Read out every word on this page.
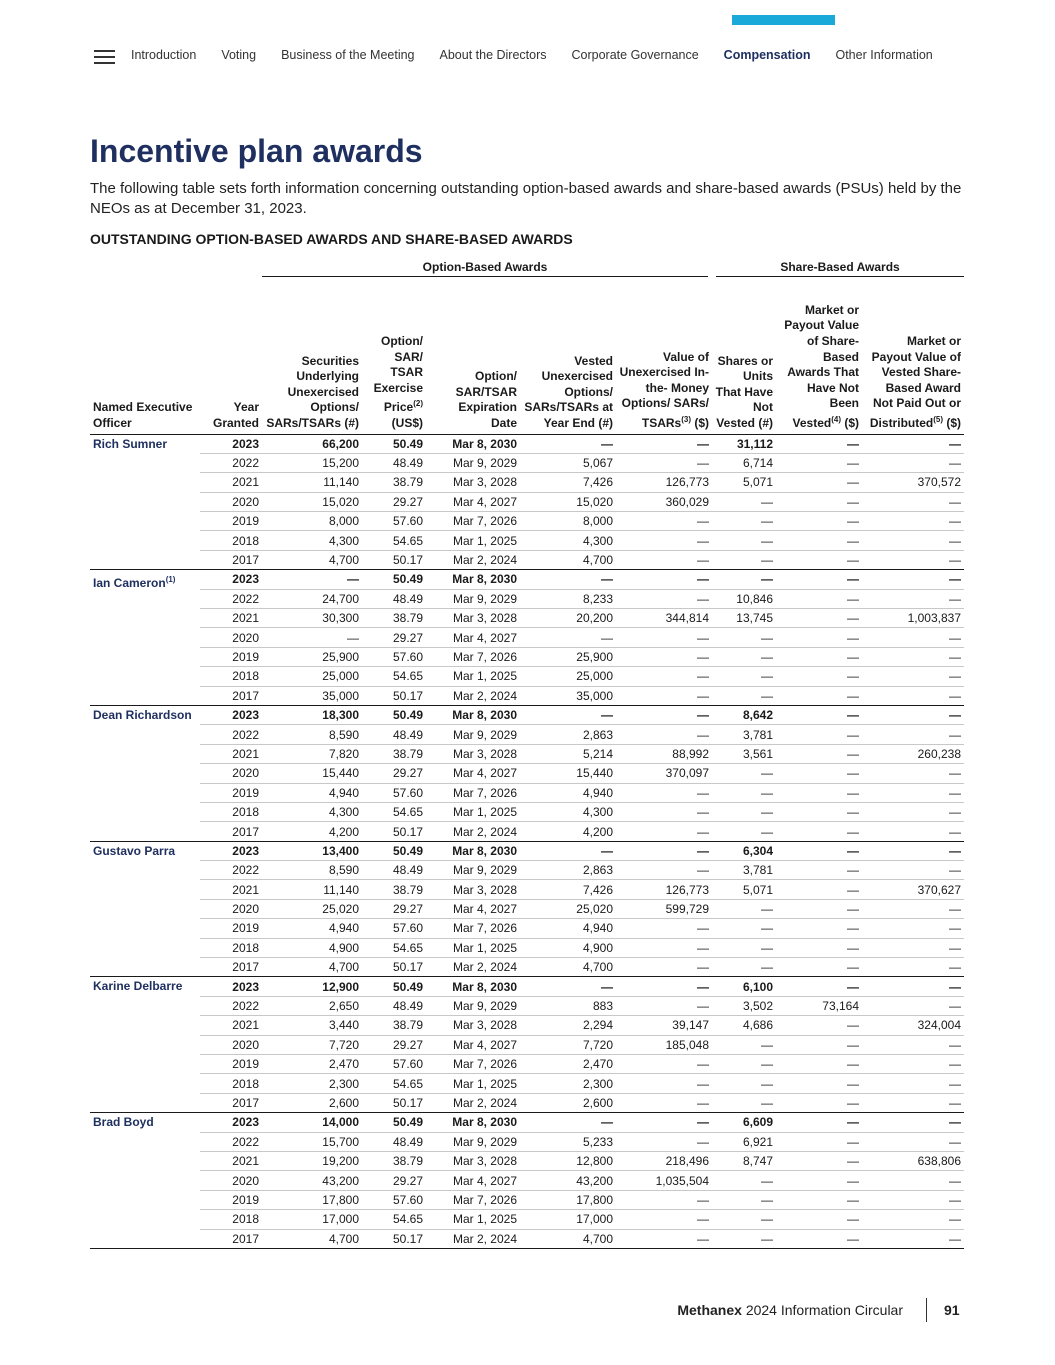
Introduction Voting Business of the Meeting About the Directors Corporate Governance Compensation Other Information
Incentive plan awards

The following table sets forth information concerning outstanding option-based awards and share-based awards (PSUs) held by the NEOs as at December 31, 2023.

OUTSTANDING OPTION-BASED AWARDS AND SHARE-BASED AWARDS
		Option-Based Awards					Share-Based Awards		
Named Executive Officer	Year Granted	Securities Underlying Unexercised Options/ SARs/TSARs (#)	Option/ SAR/ TSAR Exercise Price$^{(2)}$ (US$)	Option/ SAR/TSAR Expiration Date	Vested Unexercised Options/ SARs/TSARs at Year End (#)	Value of Unexercised In-the- Money Options/ SARs/ TSARs$^{(3)}$ ($)	Shares or Units That Have Not Vested (#)	Market or Payout Value of Share- Based Awards That Have Not Been Vested$^{(4)}$ ($)	Market or Payout Value of Vested Share- Based Award Not Paid Out or Distributed$^{(5)}$ ($)
Rich Sumner	2023	66,200	50.49	Mar 8, 2030	—	—	31,112	—	—
	2022	15,200	48.49	Mar 9, 2029	5,067	—	6,714	—	—
	2021	11,140	38.79	Mar 3, 2028	7,426	126,773	5,071	—	370,572
	2020	15,020	29.27	Mar 4, 2027	15,020	360,029	—	—	—
	2019	8,000	57.60	Mar 7, 2026	8,000	—	—	—	—
	2018	4,300	54.65	Mar 1, 2025	4,300	—	—	—	—
	2017	4,700	50.17	Mar 2, 2024	4,700	—	—	—	—
Ian Cameron$^{(1)}$	2023	—	50.49	Mar 8, 2030	—	—	—	—	—
	2022	24,700	48.49	Mar 9, 2029	8,233	—	10,846	—	—
	2021	30,300	38.79	Mar 3, 2028	20,200	344,814	13,745	—	1,003,837
	2020	—	29.27	Mar 4, 2027	—	—	—	—	—
	2019	25,900	57.60	Mar 7, 2026	25,900	—	—	—	—
	2018	25,000	54.65	Mar 1, 2025	25,000	—	—	—	—
	2017	35,000	50.17	Mar 2, 2024	35,000	—	—	—	—
Dean Richardson	2023	18,300	50.49	Mar 8, 2030	—	—	8,642	—	—
	2022	8,590	48.49	Mar 9, 2029	2,863	—	3,781	—	—
	2021	7,820	38.79	Mar 3, 2028	5,214	88,992	3,561	—	260,238
	2020	15,440	29.27	Mar 4, 2027	15,440	370,097	—	—	—
	2019	4,940	57.60	Mar 7, 2026	4,940	—	—	—	—
	2018	4,300	54.65	Mar 1, 2025	4,300	—	—	—	—
	2017	4,200	50.17	Mar 2, 2024	4,200	—	—	—	—
Gustavo Parra	2023	13,400	50.49	Mar 8, 2030	—	—	6,304	—	—
	2022	8,590	48.49	Mar 9, 2029	2,863	—	3,781	—	—
	2021	11,140	38.79	Mar 3, 2028	7,426	126,773	5,071	—	370,627
	2020	25,020	29.27	Mar 4, 2027	25,020	599,729	—	—	—
	2019	4,940	57.60	Mar 7, 2026	4,940	—	—	—	—
	2018	4,900	54.65	Mar 1, 2025	4,900	—	—	—	—
	2017	4,700	50.17	Mar 2, 2024	4,700	—	—	—	—
Karine Delbarre	2023	12,900	50.49	Mar 8, 2030	—	—	6,100	—	—
	2022	2,650	48.49	Mar 9, 2029	883	—	3,502	73,164	—
	2021	3,440	38.79	Mar 3, 2028	2,294	39,147	4,686	—	324,004
	2020	7,720	29.27	Mar 4, 2027	7,720	185,048	—	—	—
	2019	2,470	57.60	Mar 7, 2026	2,470	—	—	—	—
	2018	2,300	54.65	Mar 1, 2025	2,300	—	—	—	—
	2017	2,600	50.17	Mar 2, 2024	2,600	—	—	—	—
Brad Boyd	2023	14,000	50.49	Mar 8, 2030	—	—	6,609	—	—
	2022	15,700	48.49	Mar 9, 2029	5,233	—	6,921	—	—
	2021	19,200	38.79	Mar 3, 2028	12,800	218,496	8,747	—	638,806
	2020	43,200	29.27	Mar 4, 2027	43,200	1,035,504	—	—	—
	2019	17,800	57.60	Mar 7, 2026	17,800	—	—	—	—
	2018	17,000	54.65	Mar 1, 2025	17,000	—	—	—	—
	2017	4,700	50.17	Mar 2, 2024	4,700	—	—	—	—
Methanex 2024 Information Circular	91
